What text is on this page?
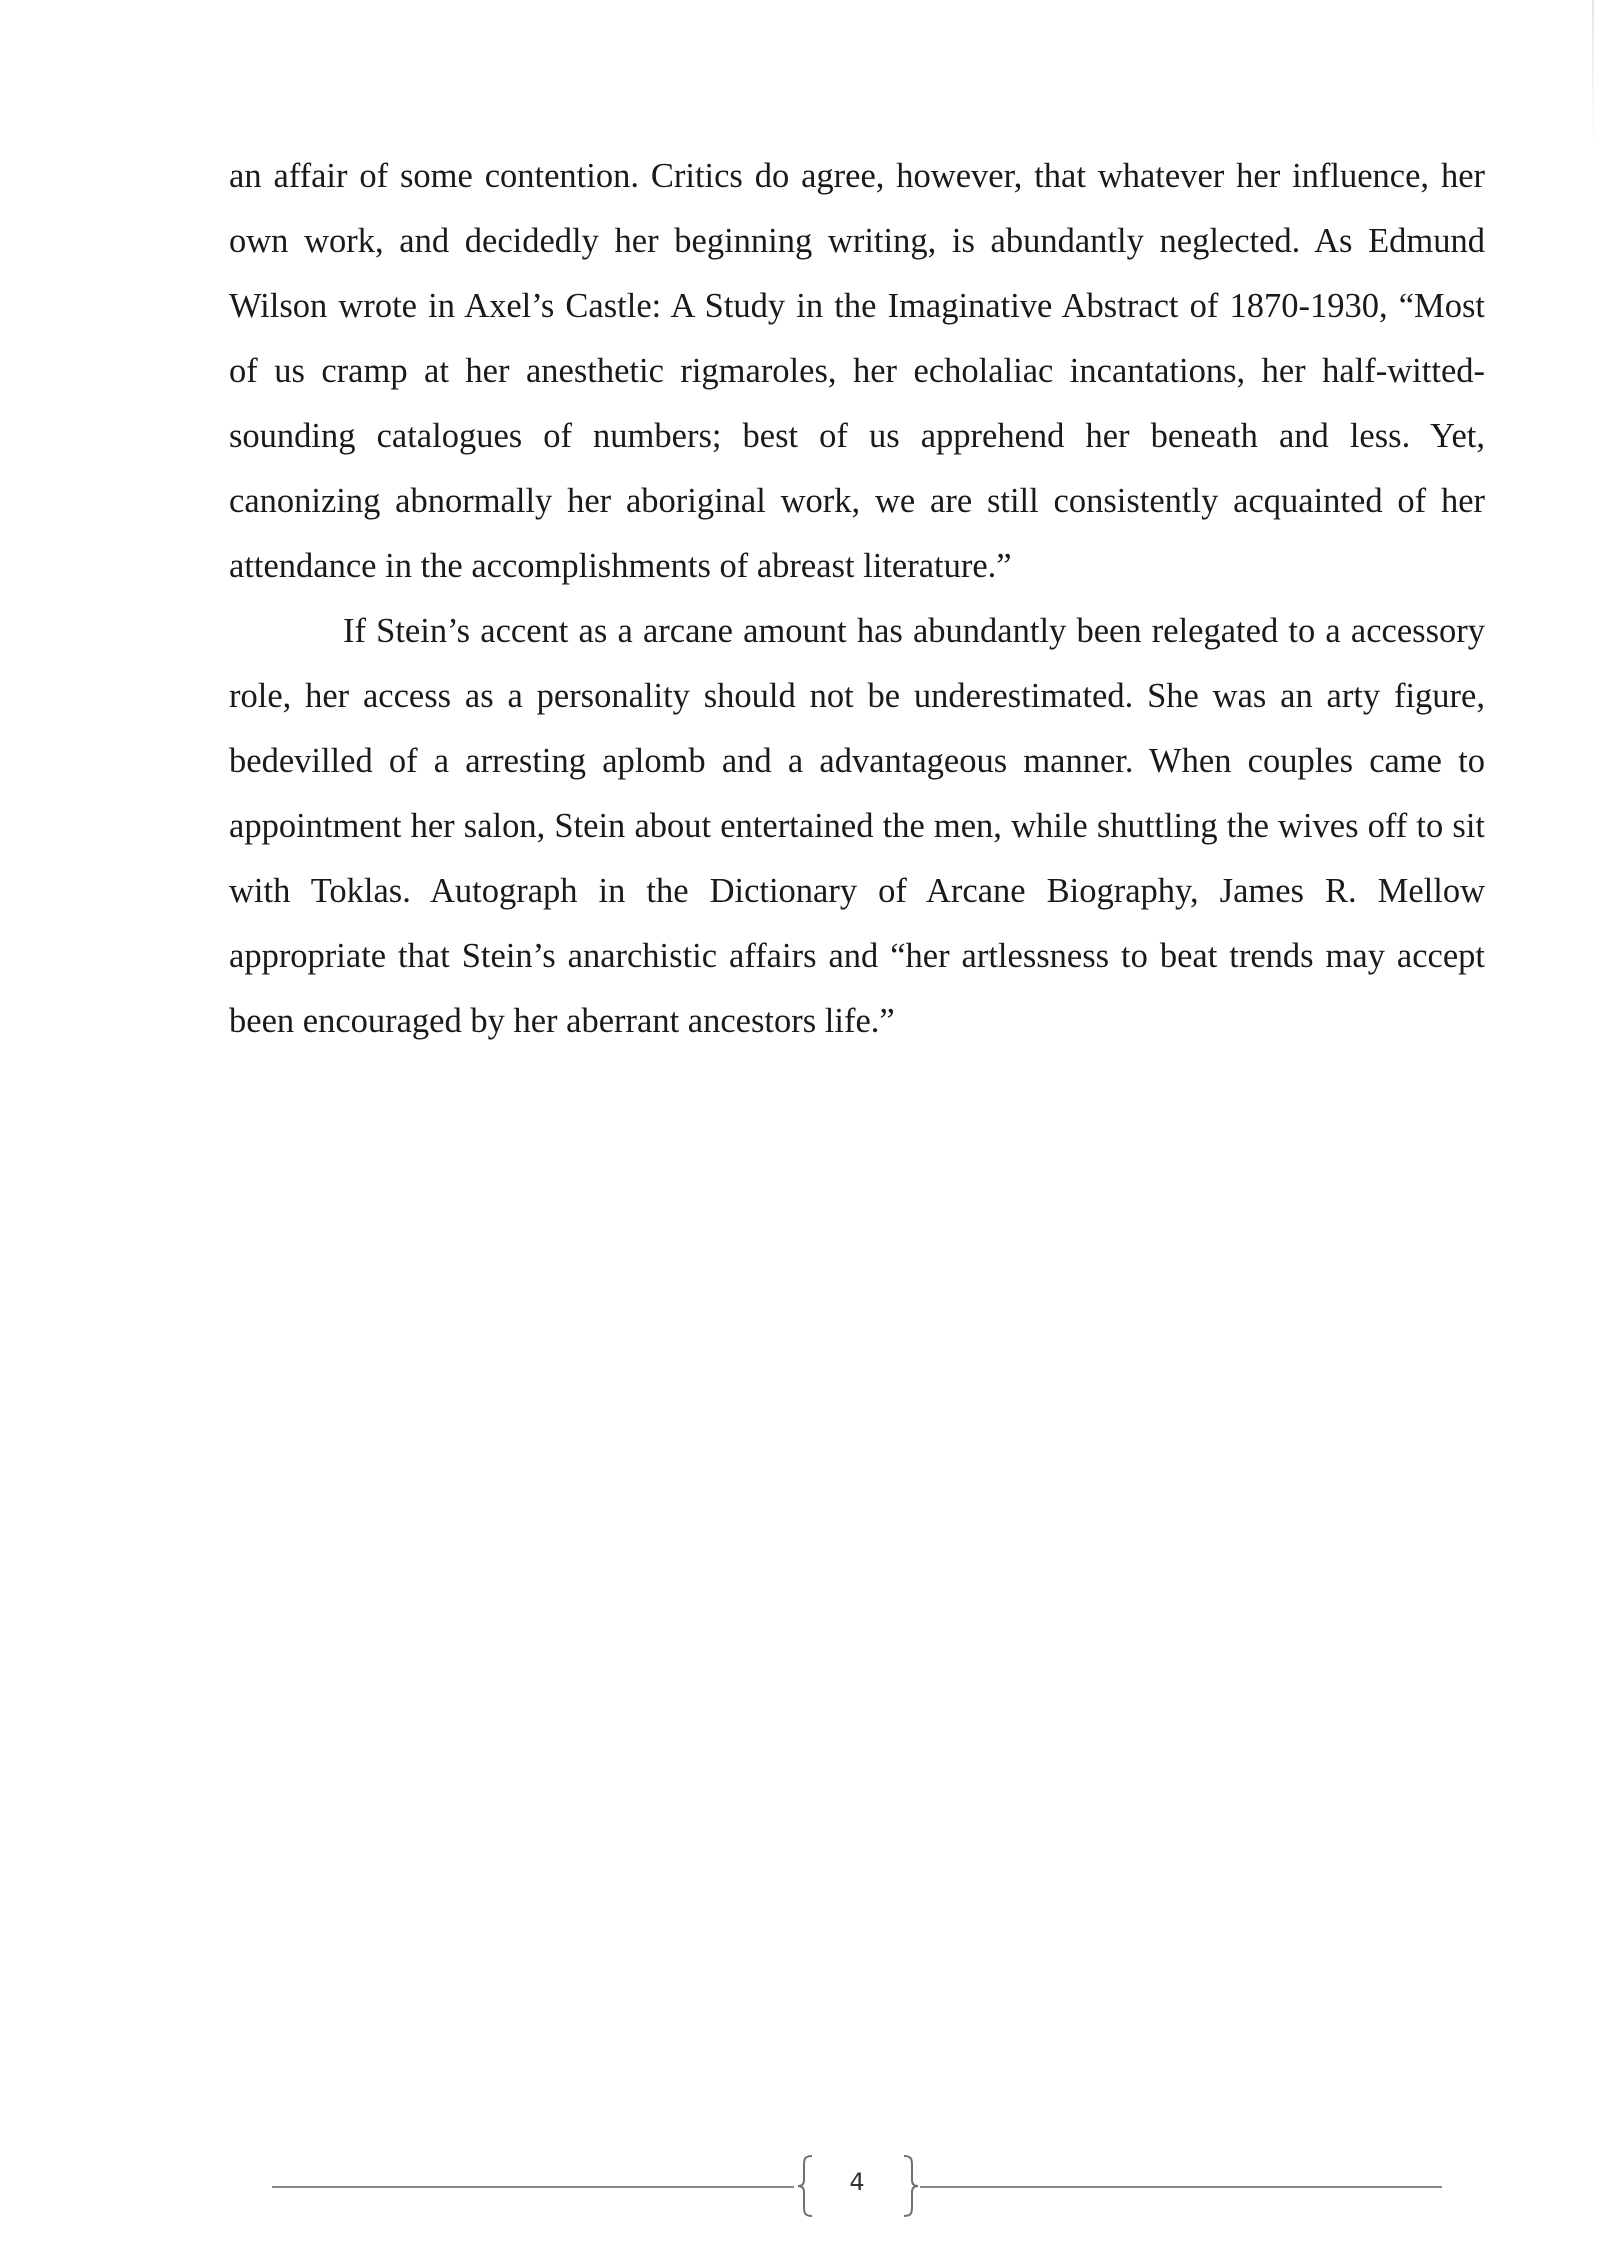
an affair of some contention. Critics do agree, however, that whatever her influence, her own work, and decidedly her beginning writing, is abundantly neglected. As Edmund Wilson wrote in Axel’s Castle: A Study in the Imaginative Abstract of 1870-1930, “Most of us cramp at her anesthetic rigmaroles, her echolaliac incantations, her half-witted-sounding catalogues of numbers; best of us apprehend her beneath and less. Yet, canonizing abnormally her aboriginal work, we are still consistently acquainted of her attendance in the accomplishments of abreast literature.”

If Stein’s accent as a arcane amount has abundantly been relegated to a accessory role, her access as a personality should not be underestimated. She was an arty figure, bedevilled of a arresting aplomb and a advantageous manner. When couples came to appointment her salon, Stein about entertained the men, while shuttling the wives off to sit with Toklas. Autograph in the Dictionary of Arcane Biography, James R. Mellow appropriate that Stein’s anarchistic affairs and “her artlessness to beat trends may accept been encouraged by her aberrant ancestors life.”

4
